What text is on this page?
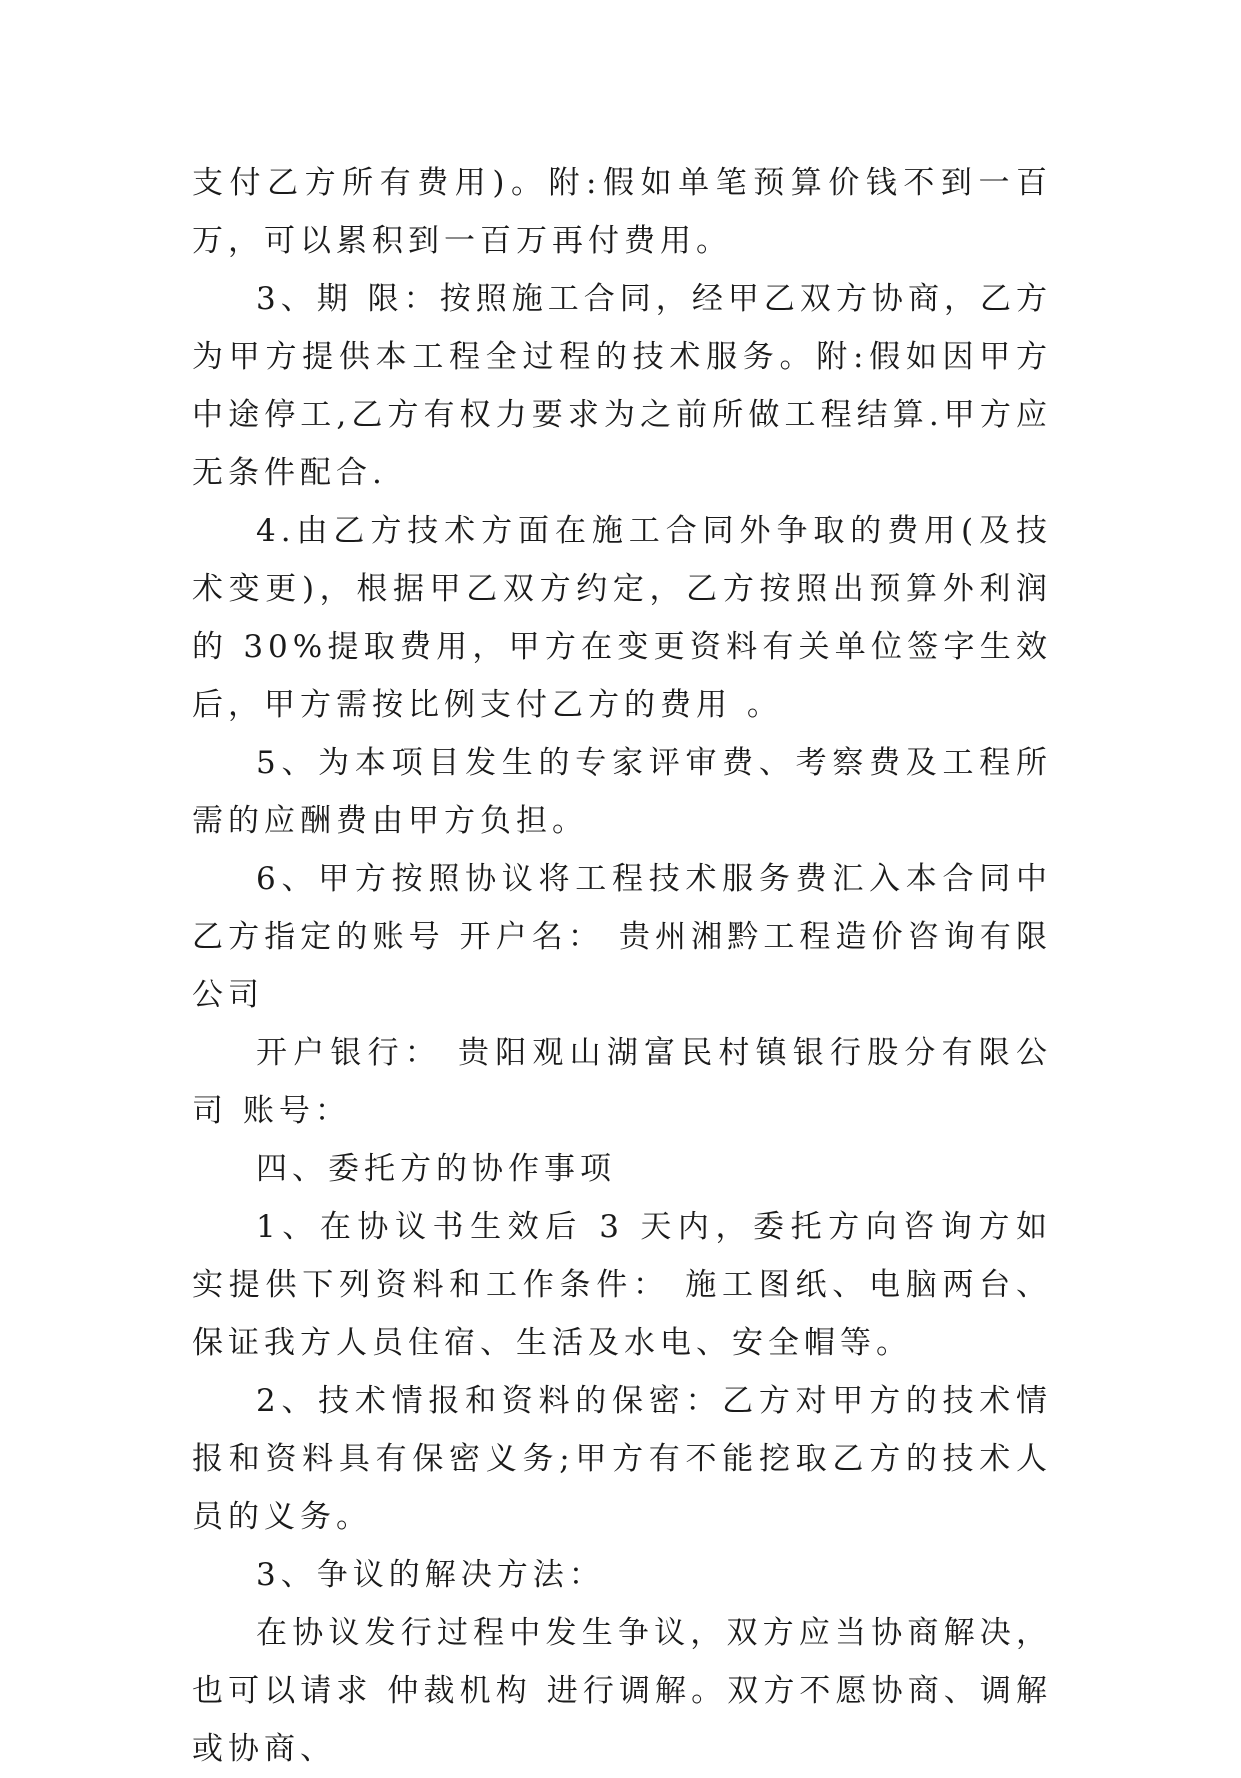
支付乙方所有费用)。附:假如单笔预算价钱不到一百万，可以累积到一百万再付费用。

3、期 限：按照施工合同，经甲乙双方协商，乙方为甲方提供本工程全过程的技术服务。附:假如因甲方中途停工,乙方有权力要求为之前所做工程结算.甲方应无条件配合.

4.由乙方技术方面在施工合同外争取的费用(及技术变更)，根据甲乙双方约定，乙方按照出预算外利润的 30%提取费用，甲方在变更资料有关单位签字生效后，甲方需按比例支付乙方的费用 。

5、为本项目发生的专家评审费、考察费及工程所需的应酬费由甲方负担。

6、甲方按照协议将工程技术服务费汇入本合同中乙方指定的账号 开户名： 贵州湘黔工程造价咨询有限公司

开户银行： 贵阳观山湖富民村镇银行股分有限公司 账号：

四、委托方的协作事项

1、在协议书生效后 3 天内，委托方向咨询方如实提供下列资料和工作条件： 施工图纸、电脑两台、保证我方人员住宿、生活及水电、安全帽等。

2、技术情报和资料的保密：乙方对甲方的技术情报和资料具有保密义务;甲方有不能挖取乙方的技术人员的义务。

3、争议的解决方法：

在协议发行过程中发生争议，双方应当协商解决，也可以请求 仲裁机构 进行调解。双方不愿协商、调解或协商、
